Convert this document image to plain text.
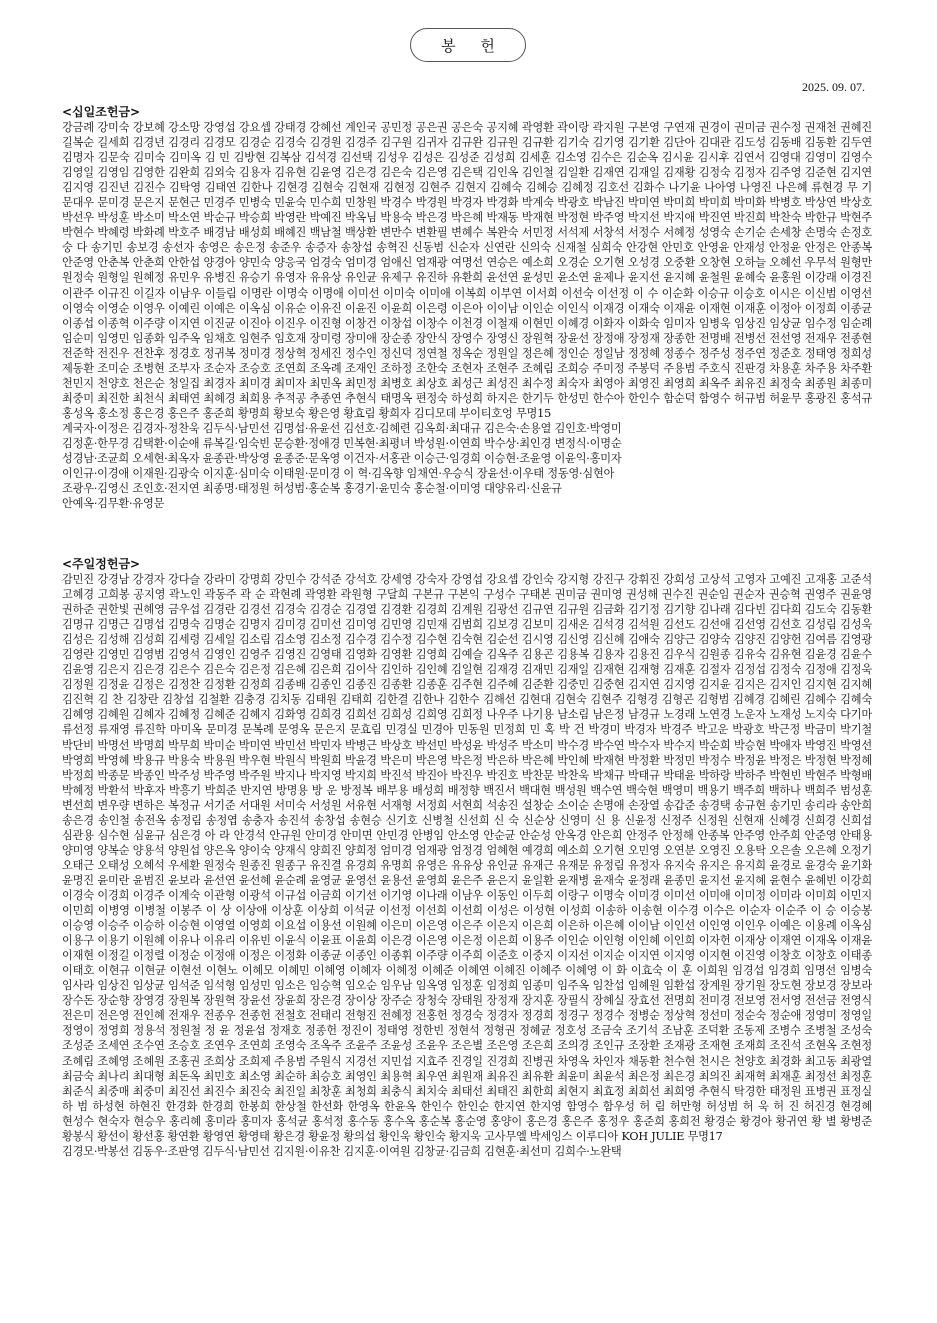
봉 헌
2025. 09. 07.
<십일조헌금>
강금례 강미숙 강보혜 강소망 강영섭 강요셉 강태경 강혜선 계인국 공민정 공은권 공은숙 공지혜 곽영환 곽이랑 곽지원 구본영 구연재 권경이 권미금 권수정 권재천 권혜진 길복순 길세희 김경년 김경리 김경모 김경순 김경숙 김경원 김경주 김구원 김귀자 김규완 김규원 김규환 김기숙 김기영 김기환 김단아 김대관 김도성 김동배 김동환 김두연 김명자 김문숙 김미숙 김미옥 김 민 김방현 김복삼 김석경 김선택 김성우 김성은 김성준 김성희 김세훈 김소영 김수은 김순옥 김시윤 김시후 김연서 김영대 김영미 김영수 김영일 김영임 김영한 김완희 김외숙 김용자 김유현 김윤영 김은경 김은숙 김은영 김은택 김인옥 김인철 김일환 김재연 김재일 김재황 김정숙 김정자 김주영 김준현 김지연 김지영 김진년 김진수 김탁영 김태연 김한나 김현경 김현숙 김현재 김현정 김현주 김현지 김혜숙 김혜승 김혜정 김호선 김화수 나기윤 나아영 나영진 나은혜 류현경 무 기 문대우 문미경 문은지 문현근 민경주 민병숙 민윤숙 민수희 민창원 박경수 박경원 박경자 박경화 박계숙 박광호 박남진 박미연 박미희 박미희 박미화 박병호 박상연 박상호 박선우 박성훈 박소미 박소연 박순규 박승희 박영란 박예진 박옥님 박용숙 박은경 박은혜 박재동 박재현 박정현 박주영 박지선 박지애 박진연 박진희 박찬숙 박한규 박현주 박현수 박혜령 박화례 박호주 배경남 배성희 배혜진 백남철 백상환 변만수 변환필 변혜수 복완숙 서민정 서석제 서창석 서정수 서혜정 성영숙 손기순 손세창 손명숙 손정호 숭 다 송기민 송보경 송선자 송영은 송은정 송준우 송증자 송창섭 송혁진 신동범 신순자 신연란 신의숙 신재철 심희숙 안강현 안민호 안영윤 안재성 안정윤 안정은 안종복 안준영 안춘복 안춘희 안한섭 양경아 양민숙 양응국 엄경숙 엄미경 엄애신 엄재광 여명선 연승은 예소희 오경순 오기현 오성경 오중환 오창현 오하늘 오혜선 우무석 원형만 원정숙 원형일 원혜정 유민우 유병진 유승기 유영자 유유상 유인균 유제구 유진하 유환희 윤선연 윤성민 윤소연 윤제나 윤지선 윤지혜 윤철원 윤혜숙 윤홍원 이강래 이경진 이관주 이규진 이길자 이남우 이들림 이명란 이명숙 이명애 이미선 이미숙 이미애 이복희 이부연 이서희 이선숙 이선정 이 수 이순화 이승규 이승호 이시은 이신범 이영선 이영숙 이영순 이영우 이예린 이예은 이옥심 이유순 이유진 이윤진 이윤희 이은령 이은아 이이남 이인순 이인식 이재경 이재숙 이재윤 이재현 이재훈 이정아 이정희 이종균 이종섭 이종혁 이주량 이지연 이진균 이진아 이진우 이진형 이창건 이창섭 이창수 이천경 이철재 이현민 이혜경 이화자 이화숙 임미자 임병욱 임상진 임상균 임수정 임순례 임순미 임영민 임종화 임주옥 임채호 임현주 임호재 장미령 장미애 장순종 장안식 장영수 장영신 장원혁 장윤선 장정애 장정재 장종한 전명배 전병선 전선영 전재우 전종현 전준학 전진우 전찬후 정경호 정귀복 정미경 정상혁 정세진 정수인 정신덕 정연철 정옥순 정원일 정은혜 정인순 정일남 정정혜 정종수 정주성 정주연 정준호 정태영 정희성 제동환 조미순 조병현 조부자 조순자 조승호 조연희 조옥례 조재인 조하정 조한숙 조현자 조현주 조혜림 조희승 주미정 주봉덕 주용범 주호식 진판경 차용훈 차주용 차주환 천민지 천양호 천은순 청일집 최경자 최미경 최미자 최민옥 최민정 최병호 최상호 최성근 최성진 최수정 최숙자 최영아 최영진 최영희 최옥주 최유진 최정숙 최종원 최종미 최중미 최진한 최천식 최태연 최혜경 최희용 추적공 추종연 추현식 태명옥 편정숙 하성희 하지은 한기두 한성민 한수아 한인수 함순덕 함영수 허규범 허윤무 홍광진 홍석규 홍성옥 홍소정 홍은경 홍은주 홍준희 황명희 황보숙 황은영 황효림 황희자 김디모데 부이티호엉 무명15
계국자·이정은 김경자·정찬욱 김두식·남민선 김명섭·유윤선 김선호·김혜련 김옥희·최대규 김은숙·손용열 김인호·박영미
김정훈·한무경 김택환·이순애 류복길·임숙빈 문승환·정애경 민복현·최평녀 박성원·이연희 박수상·최인경 변정식·이명순
성경남·조균희 오세현·최옥자 윤종관·박상영 윤종준·문옥영 이건자·서홍관 이승근·임경희 이승현·조윤영 이윤익·홍미자
이인규·이경애 이재원·김광숙 이지훈·심미숙 이태원·문미경 이 혁·김옥향 임채연·우승식 장윤선·이우태 정동영·심현아
조광우·김영신 조인호·전지연 최종명·태정원 허성범·홍순복 홍경기·윤민숙 홍순철·이미영 대양유리·신윤규
안예옥·김무환·유영문
<주일정헌금>
감민진 강경남 강경자 강다슬 강라미 강명희 강민수 강석준 강석호 강세영 강숙자 강영섭 강요셉 강인숙 강지형 강진구 강휘진 강희성 고상석 고영자 고예진 고재홍 고준석 고혜경 고희봉 공지영 곽노인 곽동주 곽 순 곽현례 곽영환 곽원형 구달희 구본규 구본익 구성수 구태본 권미금 권미영 권성해 권수진 권순임 권순자 권승혁 권영주 권윤영 권하준 권한빛 권혜영 금우섭 김경란 김경선 김경숙 김경순 김경열 김경환 김경희 김계원 김광선 김규연 김규원 김금화 김기정 김기향 김나래 김다빈 김다희 김도숙 김동환 김명규 김명근 김명섭 김명숙 김명순 김명지 김미경 김미선 김미영 김민영 김민재 김범희 김보경 김보미 김새온 김석경 김석원 김선도 김선애 김선영 김선호 김성림 김성욱 김성은 김성해 김성희 김세령 김세일 김소림 김소영 김소정 김수경 김수정 김수현 김숙현 김순선 김시영 김신영 김신혜 김애숙 김양근 김양숙 김양진 김양헌 김여름 김영광 김영란 김영민 김영범 김영석 김영인 김영주 김영진 김영태 김영화 김영환 김영희 김예슬 김옥주 김용곤 김용복 김용자 김용진 김우식 김원종 김유숙 김유현 김윤경 김윤수 김윤영 김은지 김은경 김은수 김은숙 김은정 김은혜 김은희 김이삭 김인하 김인혜 김일현 김재경 김재민 김재일 김재현 김재형 김재훈 김절자 김정섭 김정숙 김정애 김정욱 김정원 김정윤 김정은 김정찬 김정환 김정희 김종배 김종인 김종진 김종환 김종훈 김주현 김주혜 김준환 김중민 김중현 김지연 김지영 김지윤 김지은 김지인 김지현 김지혜 김진혁 김 찬 김창란 김창섭 김철환 김충경 김치동 김태원 김태희 김한결 김한나 김한수 김해선 김현대 김현숙 김현주 김형경 김형곤 김형범 김혜경 김혜린 김혜수 김혜숙 김혜영 김혜원 김혜자 김혜정 김혜준 김혜지 김화영 김희경 김희선 김희성 김희영 김희정 나우주 나기용 남소림 남은정 남경규 노경래 노연경 노운자 노재성 노지숙 다기마 류선정 류재영 류진학 마미옥 문미경 문복례 문영옥 문은지 문효림 민경실 민경아 민동원 민정희 민 혹 박 건 박경미 박경자 박경주 박고운 박광호 박근정 박금미 박기철 박단비 박명선 박명희 박무희 박미순 박미연 박민선 박민자 박병근 박상호 박선민 박성윤 박성주 박소미 박수경 박수연 박수자 박수지 박순희 박승현 박애자 박영진 박영선 박영희 박영혜 박용규 박용숙 박용원 박우현 박원식 박원희 박윤경 박은미 박은영 박은정 박은하 박은혜 박인혜 박재현 박정환 박정민 박정수 박정윤 박정은 박정현 박정혜 박정희 박종문 박종인 박주성 박주영 박주원 박지나 박지영 박지희 박진석 박진아 박진우 박진호 박찬문 박찬욱 박채규 박태규 박태윤 박하랑 박하주 박현빈 박현주 박형배 박혜정 박환석 박후자 박흥기 박희준 반지연 방명용 방 운 방정복 배부용 배성희 배정향 백진서 백대현 백성원 백수연 백숙현 백영미 백용기 백주희 백하나 백희주 범성훈 변선희 변우량 변하은 복정규 서기준 서대원 서미숙 서성원 서유현 서재형 서정희 서현희 석송진 설창순 소이순 손명애 손장열 송갑준 송경택 송규현 송기민 송리라 송안희 송은경 송인철 송전옥 송정림 송정엽 송충자 송진석 송창섭 송현승 신기호 신병철 신선희 신 숙 신순상 신영미 신 용 신윤정 신정주 신정원 신현재 신혜경 신희경 신희섭 심관용 심수현 심윤규 심은경 아 라 안경석 안규원 안미경 안미면 안민경 안병임 안소영 안순균 안순성 안옥경 안은희 안정주 안정해 안종복 안주영 안주희 안준영 안태용 양미영 양복순 양용석 양원섭 양은옥 양이숙 양재식 양희진 양희정 엄미경 엄재광 엄정경 엄혜현 예경희 예소희 오기현 오민영 오연분 오영진 오용탁 오은솔 오은혜 오정기 오태근 오태성 오혜석 우세환 원정숙 원종진 원종구 유진결 유경희 유명희 유영은 유유상 유인균 유재근 유재문 유정림 유정자 유지숙 유지은 유지희 윤경로 윤경숙 윤기화 윤명진 윤미란 윤범진 윤보라 윤선연 윤선혜 윤순례 윤영균 윤영선 윤용선 윤영희 윤은주 윤은지 윤일환 윤재병 윤재숙 윤정래 윤종민 윤지선 윤지혜 윤현수 윤혜빈 이강희 이경숙 이경희 이경주 이계숙 이관형 이광석 이규섭 이금희 이기선 이기영 이나래 이남우 이동인 이두희 이랑구 이명숙 이미경 이미선 이미애 이미정 이미라 이미희 이민지 이민희 이병영 이병철 이봉주 이 상 이상애 이상훈 이상희 이석균 이선정 이선희 이선희 이성은 이성현 이성희 이송하 이송현 이수경 이수은 이순자 이순주 이 승 이승봉 이승영 이승주 이승하 이승현 이영열 이영희 이요섭 이용선 이원혜 이은미 이은영 이은주 이은지 이은희 이은하 이은혜 이이남 이인선 이인영 이인우 이예은 이용례 이옥심 이용구 이용기 이원혜 이유나 이유리 이유빈 이윤식 이윤표 이윤희 이은경 이은영 이은정 이은희 이용주 이인순 이인형 이인혜 이인희 이자헌 이재상 이재연 이재옥 이재윤 이재현 이정길 이정렬 이정순 이정애 이정은 이정화 이종균 이종인 이종휘 이주량 이주희 이준호 이중지 이지선 이지순 이지연 이지영 이지현 이진영 이창호 이창호 이태종 이태호 이현규 이현균 이현선 이현노 이혜모 이혜민 이혜영 이혜자 이혜정 이혜준 이혜연 이혜진 이혜주 이혜영 이 화 이효숙 이 훈 이희원 임경섭 임경희 임명선 임병숙 임사라 임상진 임상균 임석준 임석형 임성민 임소은 임승혁 임오순 임우남 임옥영 임정훈 임정희 임종미 임주옥 임찬섭 임혜원 임환섭 장계원 장기원 장도현 장보경 장보라 장수돈 장순향 장영경 장원복 장원혁 장윤선 장윤희 장은경 장이상 장주순 장청숙 장태원 장정재 장지훈 장필식 장혜실 장효선 전명희 전미경 전보영 전서영 전선금 전영식 전은미 전은영 전인혜 전재우 전종우 전종헌 전철호 전태리 전형진 전혜정 전홍헌 정경숙 정경자 정경희 정경구 정경수 정병순 정상혁 정선미 정순숙 정순애 정영미 정영일 정영이 정영희 정용석 정원철 정 윤 정윤섭 정재호 정종헌 정진이 정태영 정한빈 정현석 정형권 정혜균 정호성 조금숙 조기석 조남훈 조덕환 조동제 조병수 조병철 조성숙 조성준 조세연 조수연 조승호 조연우 조연희 조영숙 조옥주 조윤주 조윤성 조윤우 조은별 조은영 조은희 조의경 조인규 조장환 조재광 조재현 조재희 조진석 조현옥 조현정 조혜림 조혜영 조혜원 조홍권 조희상 조희제 주용범 주원식 지경선 지민섭 지효주 진경일 진경희 진병권 차영옥 차인자 채동환 천수현 천시은 천양호 최경화 최고동 최광열 최금숙 최나리 최대형 최돈옥 최민호 최소영 최순하 최승호 최영인 최용혁 최우연 최원재 최유진 최유환 최윤미 최윤석 최은정 최은경 최의진 최재혁 최재훈 최정선 최정훈 최준식 최중매 최중미 최진선 최진수 최진숙 최진일 최창훈 최청희 최충식 최치숙 최태선 최태진 최한희 최현지 최효정 최희선 최희영 추현식 탁경한 태정원 표병권 표정실 하 범 하성현 하현진 한경화 한경희 한봉희 한상철 한선화 한영옥 한윤옥 한인수 한인순 한지연 한지영 함영수 함우성 허 림 허만형 허성범 허 욱 허 진 허진경 현경혜 현성수 현숙자 현승우 홍리혜 홍미라 홍미자 홍석균 홍석정 홍수동 홍수옥 홍순복 홍순영 홍양이 홍은경 홍은주 홍정우 홍준희 홍희전 황경순 황경아 황귀연 황 별 황병준 황봉식 황선이 황선홍 황연환 황영연 황영태 황은경 황윤정 황의섭 황인욱 황인숙 황지욱 고사무엘 박세잉스 이루디아 KOH JULIE 무명17
김경모·박봉선 김동우·조판영 김두식·남민선 김지원·이유찬 김지훈·이여원 김창균·김금희 김현훈·최선미 김희수·노완택
